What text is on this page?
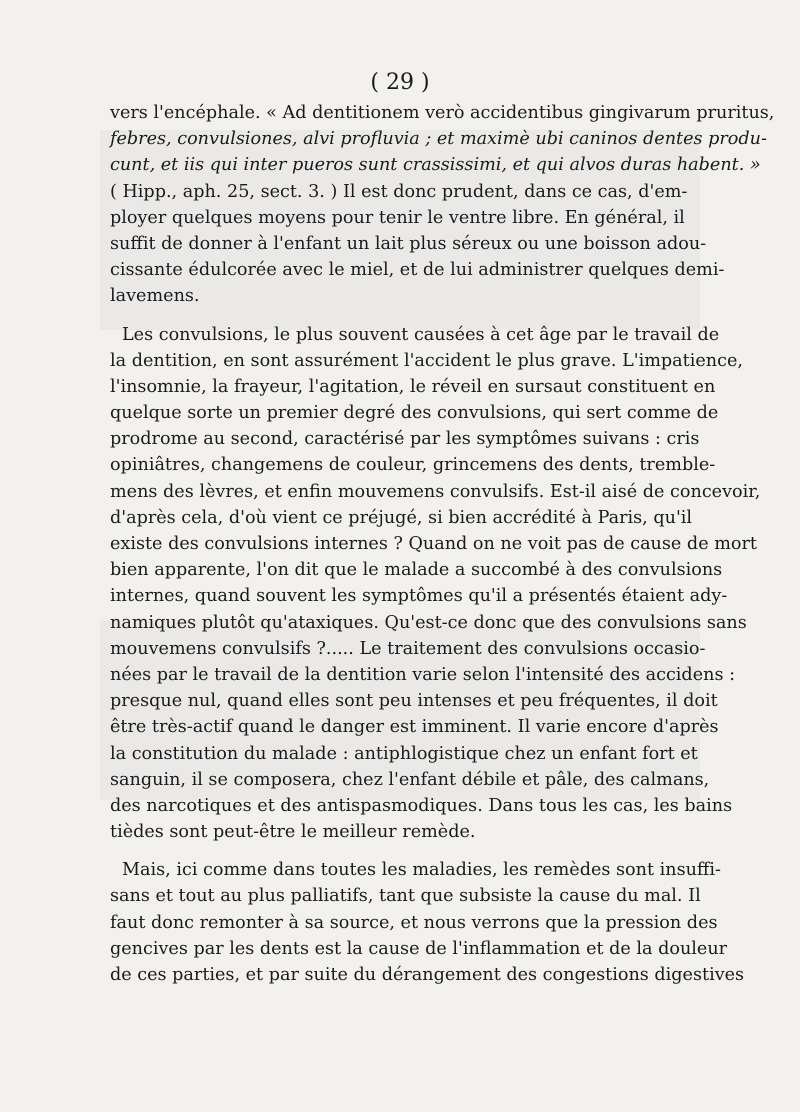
( 29 )
vers l'encéphale. « Ad dentitionem verò accidentibus gingivarum pruritus,
febres, convulsiones, alvi profluvia ; et maximè ubi caninos dentes produ-
cunt, et iis qui inter pueros sunt crassissimi, et qui alvos duras habent. »
( Hipp., aph. 25, sect. 3. ) Il est donc prudent, dans ce cas, d'em-
ployer quelques moyens pour tenir le ventre libre. En général, il
suffit de donner à l'enfant un lait plus séreux ou une boisson adou-
cissante édulcorée avec le miel, et de lui administrer quelques demi-
lavemens.
Les convulsions, le plus souvent causées à cet âge par le travail de
la dentition, en sont assurément l'accident le plus grave. L'impatience,
l'insomnie, la frayeur, l'agitation, le réveil en sursaut constituent en
quelque sorte un premier degré des convulsions, qui sert comme de
prodrome au second, caractérisé par les symptômes suivans : cris
opiniâtres, changemens de couleur, grincemens des dents, tremble-
mens des lèvres, et enfin mouvemens convulsifs. Est-il aisé de concevoir,
d'après cela, d'où vient ce préjugé, si bien accrédité à Paris, qu'il
existe des convulsions internes ? Quand on ne voit pas de cause de mort
bien apparente, l'on dit que le malade a succombé à des convulsions
internes, quand souvent les symptômes qu'il a présentés étaient ady-
namiques plutôt qu'ataxiques. Qu'est-ce donc que des convulsions sans
mouvemens convulsifs ?..... Le traitement des convulsions occasio-
nées par le travail de la dentition varie selon l'intensité des accidens :
presque nul, quand elles sont peu intenses et peu fréquentes, il doit
être très-actif quand le danger est imminent. Il varie encore d'après
la constitution du malade : antiphlogistique chez un enfant fort et
sanguin, il se composera, chez l'enfant débile et pâle, des calmans,
des narcotiques et des antispasmodiques. Dans tous les cas, les bains
tièdes sont peut-être le meilleur remède.
Mais, ici comme dans toutes les maladies, les remèdes sont insuffi-
sans et tout au plus palliatifs, tant que subsiste la cause du mal. Il
faut donc remonter à sa source, et nous verrons que la pression des
gencives par les dents est la cause de l'inflammation et de la douleur
de ces parties, et par suite du dérangement des congestions digestives
